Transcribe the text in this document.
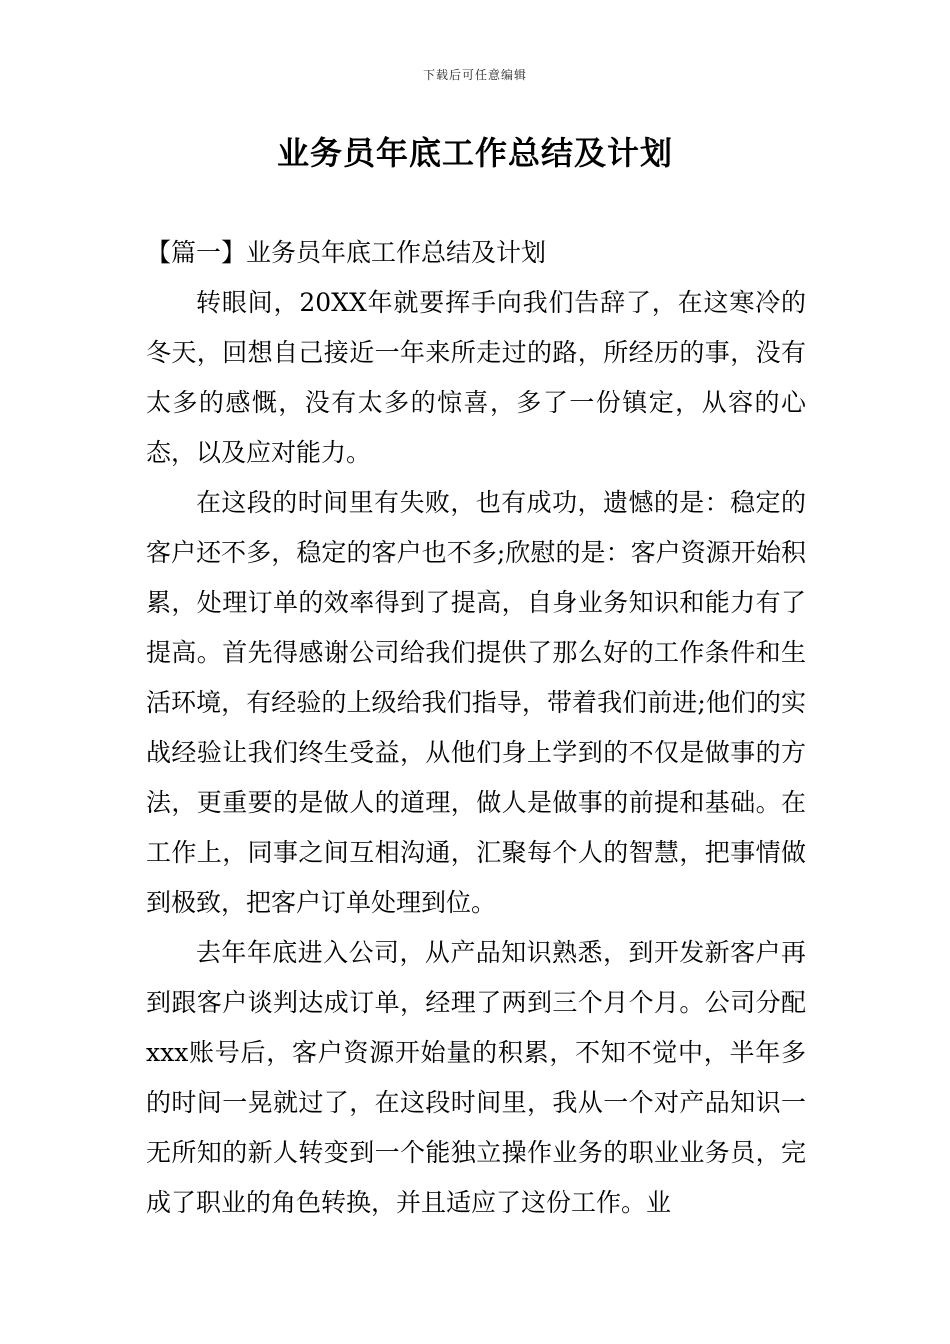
下载后可任意编辑
业务员年底工作总结及计划

【篇一】业务员年底工作总结及计划

转眼间，20XX年就要挥手向我们告辞了，在这寒冷的冬天，回想自己接近一年来所走过的路，所经历的事，没有太多的感慨，没有太多的惊喜，多了一份镇定，从容的心态，以及应对能力。

在这段的时间里有失败，也有成功，遗憾的是：稳定的客户还不多，稳定的客户也不多;欣慰的是：客户资源开始积累，处理订单的效率得到了提高，自身业务知识和能力有了提高。首先得感谢公司给我们提供了那么好的工作条件和生活环境，有经验的上级给我们指导，带着我们前进;他们的实战经验让我们终生受益，从他们身上学到的不仅是做事的方法，更重要的是做人的道理，做人是做事的前提和基础。在工作上，同事之间互相沟通，汇聚每个人的智慧，把事情做到极致，把客户订单处理到位。

去年年底进入公司，从产品知识熟悉，到开发新客户再到跟客户谈判达成订单，经理了两到三个月个月。公司分配xxx账号后，客户资源开始量的积累，不知不觉中，半年多的时间一晃就过了，在这段时间里，我从一个对产品知识一无所知的新人转变到一个能独立操作业务的职业业务员，完成了职业的角色转换，并且适应了这份工作。业
